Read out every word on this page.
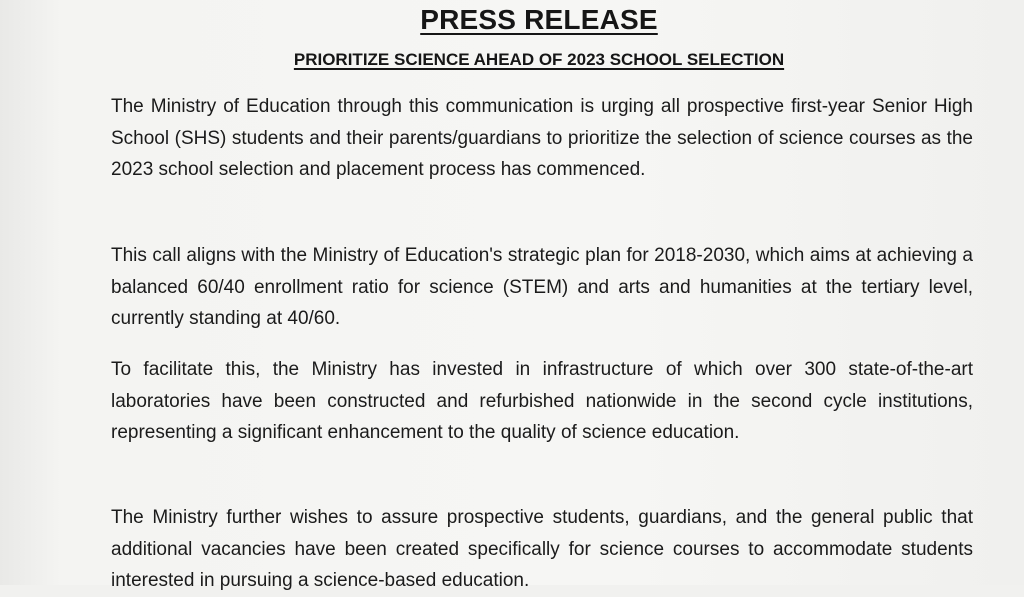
PRESS RELEASE
PRIORITIZE SCIENCE AHEAD OF 2023 SCHOOL SELECTION

The Ministry of Education through this communication is urging all prospective first-year Senior High School (SHS) students and their parents/guardians to prioritize the selection of science courses as the 2023 school selection and placement process has commenced.

This call aligns with the Ministry of Education's strategic plan for 2018-2030, which aims at achieving a balanced 60/40 enrollment ratio for science (STEM) and arts and humanities at the tertiary level, currently standing at 40/60.

To facilitate this, the Ministry has invested in infrastructure of which over 300 state-of-the-art laboratories have been constructed and refurbished nationwide in the second cycle institutions, representing a significant enhancement to the quality of science education.

The Ministry further wishes to assure prospective students, guardians, and the general public that additional vacancies have been created specifically for science courses to accommodate students interested in pursuing a science-based education.
